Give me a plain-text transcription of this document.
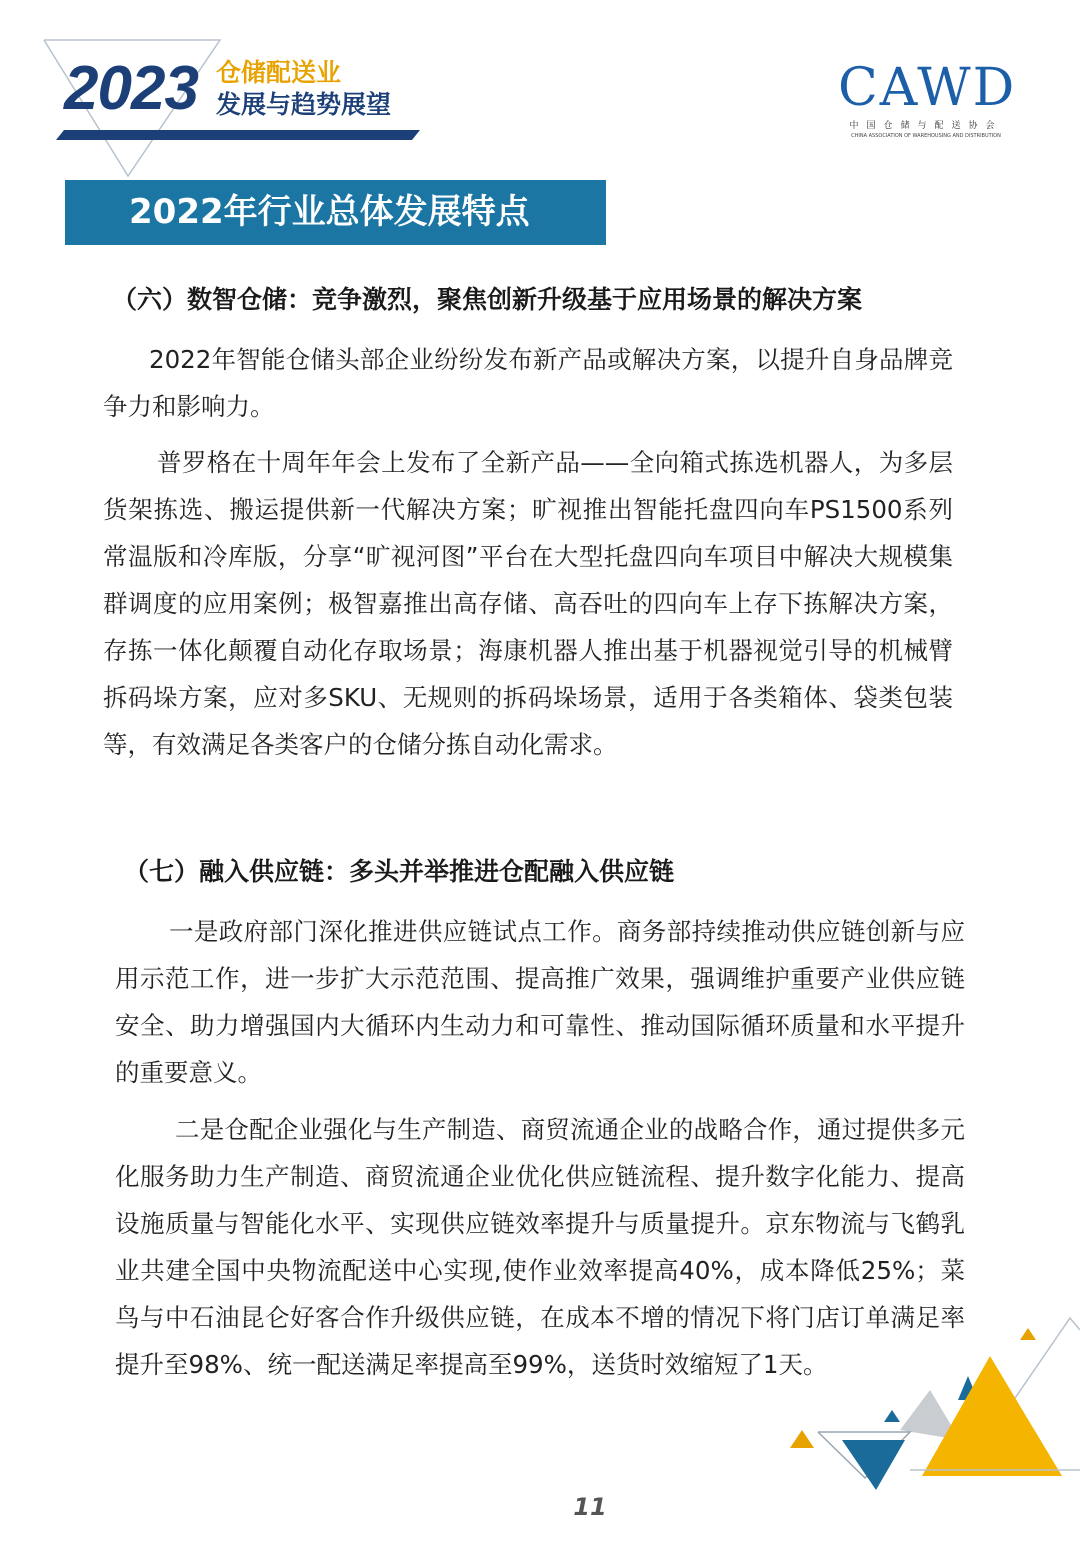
2023 仓储配送业
发展与趋势展望	CAWD
中国仓储与配送协会
CHINA ASSOCIATION OF WAREHOUSING AND DISTRIBUTION
2022年行业总体发展特点
（六）数智仓储：竞争激烈，聚焦创新升级基于应用场景的解决方案

2022年智能仓储头部企业纷纷发布新产品或解决方案，以提升自身品牌竞争力和影响力。

普罗格在十周年年会上发布了全新产品——全向箱式拣选机器人，为多层货架拣选、搬运提供新一代解决方案；旷视推出智能托盘四向车PS1500系列常温版和冷库版，分享“旷视河图”平台在大型托盘四向车项目中解决大规模集群调度的应用案例；极智嘉推出高存储、高吞吐的四向车上存下拣解决方案，存拣一体化颠覆自动化存取场景；海康机器人推出基于机器视觉引导的机械臂拆码垛方案，应对多SKU、无规则的拆码垛场景，适用于各类箱体、袋类包装等，有效满足各类客户的仓储分拣自动化需求。

（七）融入供应链：多头并举推进仓配融入供应链

一是政府部门深化推进供应链试点工作。商务部持续推动供应链创新与应用示范工作，进一步扩大示范范围、提高推广效果，强调维护重要产业供应链安全、助力增强国内大循环内生动力和可靠性、推动国际循环质量和水平提升的重要意义。

二是仓配企业强化与生产制造、商贸流通企业的战略合作，通过提供多元化服务助力生产制造、商贸流通企业优化供应链流程、提升数字化能力、提高设施质量与智能化水平、实现供应链效率提升与质量提升。京东物流与飞鹤乳业共建全国中央物流配送中心实现,使作业效率提高40%，成本降低25%；菜鸟与中石油昆仑好客合作升级供应链，在成本不增的情况下将门店订单满足率提升至98%、统一配送满足率提高至99%，送货时效缩短了1天。

11
